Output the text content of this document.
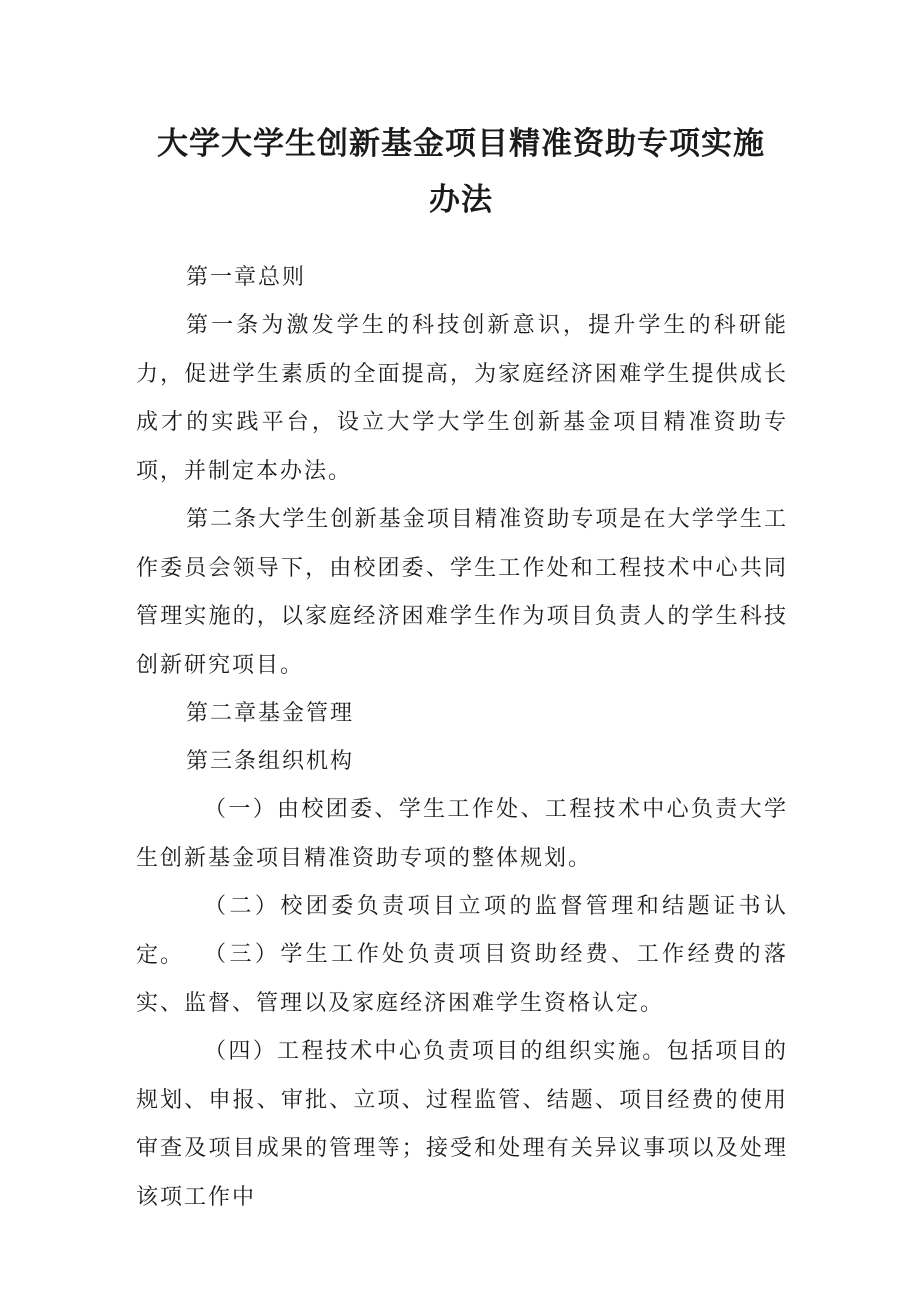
大学大学生创新基金项目精准资助专项实施
办法
第一章总则
第一条为激发学生的科技创新意识，提升学生的科研能力，促进学生素质的全面提高，为家庭经济困难学生提供成长成才的实践平台，设立大学大学生创新基金项目精准资助专项，并制定本办法。
第二条大学生创新基金项目精准资助专项是在大学学生工作委员会领导下，由校团委、学生工作处和工程技术中心共同管理实施的，以家庭经济困难学生作为项目负责人的学生科技创新研究项目。
第二章基金管理
第三条组织机构
（一）由校团委、学生工作处、工程技术中心负责大学生创新基金项目精准资助专项的整体规划。
（二）校团委负责项目立项的监督管理和结题证书认定。 （三）学生工作处负责项目资助经费、工作经费的落实、监督、管理以及家庭经济困难学生资格认定。
（四）工程技术中心负责项目的组织实施。包括项目的规划、申报、审批、立项、过程监管、结题、项目经费的使用审查及项目成果的管理等；接受和处理有关异议事项以及处理该项工作中
